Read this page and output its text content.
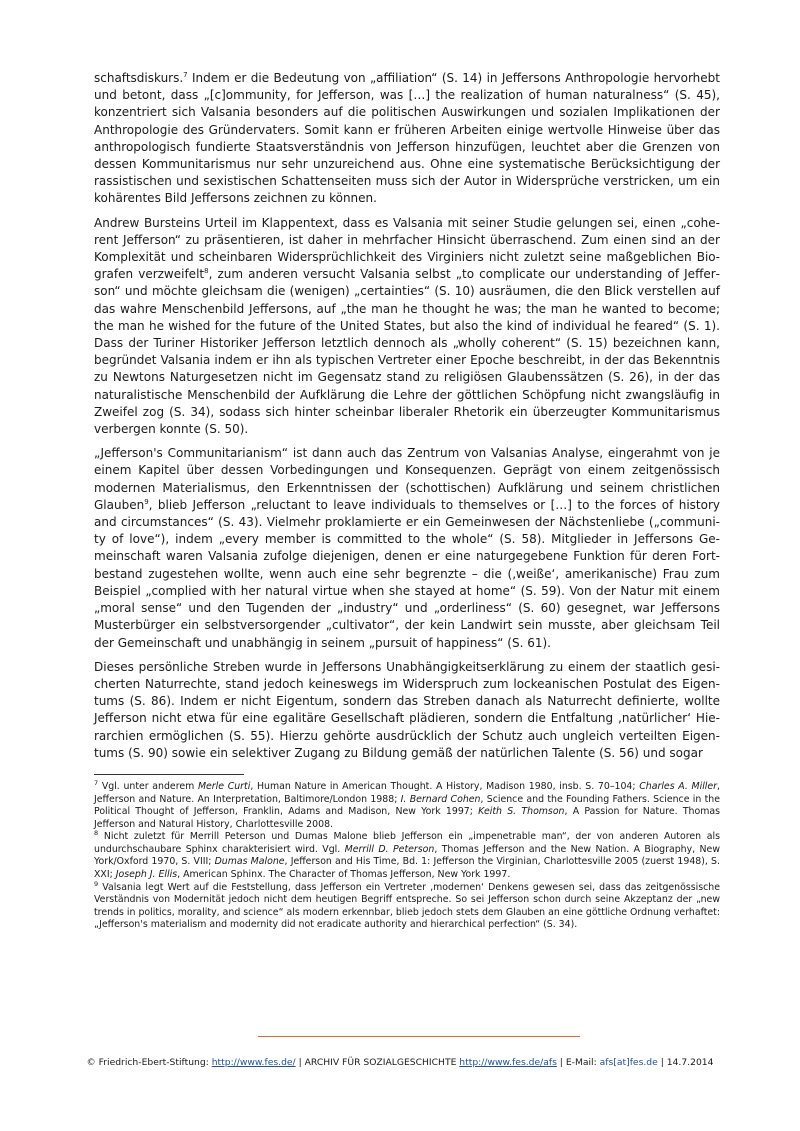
schaftsdiskurs.$^7$ Indem er die Bedeutung von „affiliation“ (S. 14) in Jeffersons Anthropologie hervorhebt und betont, dass „[c]ommunity, for Jefferson, was […] the realization of human naturalness“ (S. 45), konzentriert sich Valsania besonders auf die politischen Auswirkungen und sozialen Implikationen der Anthropologie des Gründervaters. Somit kann er früheren Arbeiten einige wertvolle Hinweise über das anthropologisch fundierte Staatsverständnis von Jefferson hinzufügen, leuchtet aber die Grenzen von dessen Kommunitarismus nur sehr unzureichend aus. Ohne eine systematische Berücksichtigung der rassistischen und sexistischen Schattenseiten muss sich der Autor in Widersprüche verstricken, um ein kohärentes Bild Jeffersons zeichnen zu können.

Andrew Bursteins Urteil im Klappentext, dass es Valsania mit seiner Studie gelungen sei, einen „coherent Jefferson“ zu präsentieren, ist daher in mehrfacher Hinsicht überraschend. Zum einen sind an der Komplexität und scheinbaren Widersprüchlichkeit des Virginiers nicht zuletzt seine maßgeblichen Biografen verzweifelt$^8$, zum anderen versucht Valsania selbst „to complicate our understanding of Jefferson“ und möchte gleichsam die (wenigen) „certainties“ (S. 10) ausräumen, die den Blick verstellen auf das wahre Menschenbild Jeffersons, auf „the man he thought he was; the man he wanted to become; the man he wished for the future of the United States, but also the kind of individual he feared“ (S. 1). Dass der Turiner Historiker Jefferson letztlich dennoch als „wholly coherent“ (S. 15) bezeichnen kann, begründet Valsania indem er ihn als typischen Vertreter einer Epoche beschreibt, in der das Bekenntnis zu Newtons Naturgesetzen nicht im Gegensatz stand zu religiösen Glaubenssätzen (S. 26), in der das naturalistische Menschenbild der Aufklärung die Lehre der göttlichen Schöpfung nicht zwangsläufig in Zweifel zog (S. 34), sodass sich hinter scheinbar liberaler Rhetorik ein überzeugter Kommunitarismus verbergen konnte (S. 50).

„Jefferson's Communitarianism“ ist dann auch das Zentrum von Valsanias Analyse, eingerahmt von je einem Kapitel über dessen Vorbedingungen und Konsequenzen. Geprägt von einem zeitgenössisch modernen Materialismus, den Erkenntnissen der (schottischen) Aufklärung und seinem christlichen Glauben$^9$, blieb Jefferson „reluctant to leave individuals to themselves or […] to the forces of history and circumstances“ (S. 43). Vielmehr proklamierte er ein Gemeinwesen der Nächstenliebe („community of love“), indem „every member is committed to the whole“ (S. 58). Mitglieder in Jeffersons Gemeinschaft waren Valsania zufolge diejenigen, denen er eine naturgegebene Funktion für deren Fortbestand zugestehen wollte, wenn auch eine sehr begrenzte – die (‚weiße‘, amerikanische) Frau zum Beispiel „complied with her natural virtue when she stayed at home“ (S. 59). Von der Natur mit einem „moral sense“ und den Tugenden der „industry“ und „orderliness“ (S. 60) gesegnet, war Jeffersons Musterbürger ein selbstversorgender „cultivator“, der kein Landwirt sein musste, aber gleichsam Teil der Gemeinschaft und unabhängig in seinem „pursuit of happiness“ (S. 61).

Dieses persönliche Streben wurde in Jeffersons Unabhängigkeitserklärung zu einem der staatlich gesicherten Naturrechte, stand jedoch keineswegs im Widerspruch zum lockeanischen Postulat des Eigentums (S. 86). Indem er nicht Eigentum, sondern das Streben danach als Naturrecht definierte, wollte Jefferson nicht etwa für eine egalitäre Gesellschaft plädieren, sondern die Entfaltung ‚natürlicher‘ Hierarchien ermöglichen (S. 55). Hierzu gehörte ausdrücklich der Schutz auch ungleich verteilten Eigentums (S. 90) sowie ein selektiver Zugang zu Bildung gemäß der natürlichen Talente (S. 56) und sogar

$^7$ Vgl. unter anderem Merle Curti, Human Nature in American Thought. A History, Madison 1980, insb. S. 70–104; Charles A. Miller, Jefferson and Nature. An Interpretation, Baltimore/London 1988; I. Bernard Cohen, Science and the Founding Fathers. Science in the Political Thought of Jefferson, Franklin, Adams and Madison, New York 1997; Keith S. Thomson, A Passion for Nature. Thomas Jefferson and Natural History, Charlottesville 2008.

$^8$ Nicht zuletzt für Merrill Peterson und Dumas Malone blieb Jefferson ein „impenetrable man“, der von anderen Autoren als undurchschaubare Sphinx charakterisiert wird. Vgl. Merrill D. Peterson, Thomas Jefferson and the New Nation. A Biography, New York/Oxford 1970, S. VIII; Dumas Malone, Jefferson and His Time, Bd. 1: Jefferson the Virginian, Charlottesville 2005 (zuerst 1948), S. XXI; Joseph J. Ellis, American Sphinx. The Character of Thomas Jefferson, New York 1997.

$^9$ Valsania legt Wert auf die Feststellung, dass Jefferson ein Vertreter ‚modernen‘ Denkens gewesen sei, dass das zeitgenössische Verständnis von Modernität jedoch nicht dem heutigen Begriff entspreche. So sei Jefferson schon durch seine Akzeptanz der „new trends in politics, morality, and science“ als modern erkennbar, blieb jedoch stets dem Glauben an eine göttliche Ordnung verhaftet: „Jefferson's materialism and modernity did not eradicate authority and hierarchical perfection“ (S. 34).

© Friedrich-Ebert-Stiftung: http://www.fes.de/ | ARCHIV FÜR SOZIALGESCHICHTE http://www.fes.de/afs | E-Mail: afs[at]fes.de | 14.7.2014
